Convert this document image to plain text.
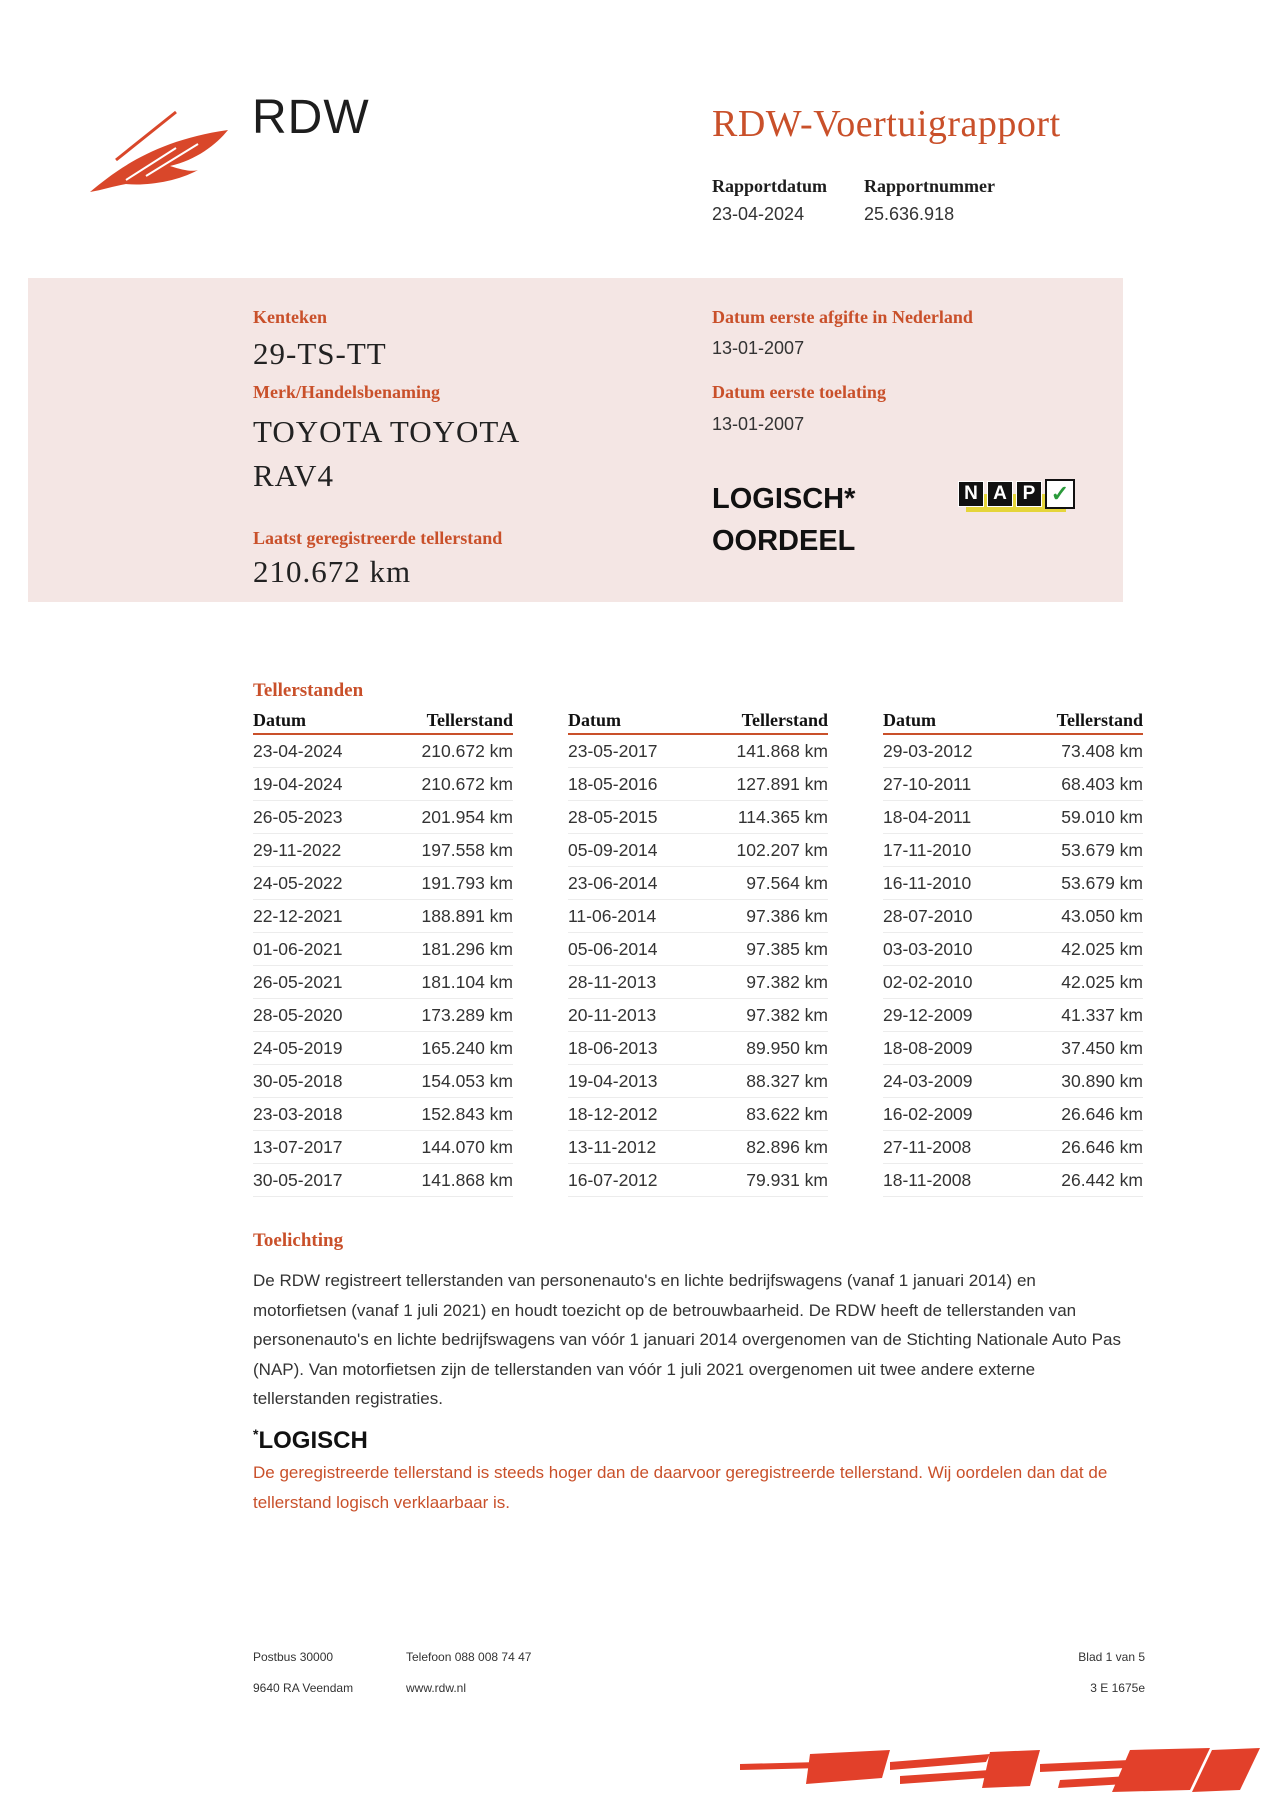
RDW	RDW-Voertuigrapport
Rapportdatum
23-04-2024
Rapportnummer
25.636.918
Kenteken
29-TS-TT
Merk/Handelsbenaming
TOYOTA TOYOTA
RAV4
Laatst geregistreerde tellerstand
210.672 km
Datum eerste afgifte in Nederland
13-01-2007
Datum eerste toelating
13-01-2007
LOGISCH*
OORDEEL
N A P ✓
Tellerstanden
Datum	Tellerstand
23-04-2024	210.672 km
19-04-2024	210.672 km
26-05-2023	201.954 km
29-11-2022	197.558 km
24-05-2022	191.793 km
22-12-2021	188.891 km
01-06-2021	181.296 km
26-05-2021	181.104 km
28-05-2020	173.289 km
24-05-2019	165.240 km
30-05-2018	154.053 km
23-03-2018	152.843 km
13-07-2017	144.070 km
30-05-2017	141.868 km
Datum	Tellerstand
23-05-2017	141.868 km
18-05-2016	127.891 km
28-05-2015	114.365 km
05-09-2014	102.207 km
23-06-2014	97.564 km
11-06-2014	97.386 km
05-06-2014	97.385 km
28-11-2013	97.382 km
20-11-2013	97.382 km
18-06-2013	89.950 km
19-04-2013	88.327 km
18-12-2012	83.622 km
13-11-2012	82.896 km
16-07-2012	79.931 km
Datum	Tellerstand
29-03-2012	73.408 km
27-10-2011	68.403 km
18-04-2011	59.010 km
17-11-2010	53.679 km
16-11-2010	53.679 km
28-07-2010	43.050 km
03-03-2010	42.025 km
02-02-2010	42.025 km
29-12-2009	41.337 km
18-08-2009	37.450 km
24-03-2009	30.890 km
16-02-2009	26.646 km
27-11-2008	26.646 km
18-11-2008	26.442 km
Toelichting
De RDW registreert tellerstanden van personenauto's en lichte bedrijfswagens (vanaf 1 januari 2014) en motorfietsen (vanaf 1 juli 2021) en houdt toezicht op de betrouwbaarheid. De RDW heeft de tellerstanden van personenauto's en lichte bedrijfswagens van vóór 1 januari 2014 overgenomen van de Stichting Nationale Auto Pas (NAP). Van motorfietsen zijn de tellerstanden van vóór 1 juli 2021 overgenomen uit twee andere externe tellerstanden registraties.
*LOGISCH
De geregistreerde tellerstand is steeds hoger dan de daarvoor geregistreerde tellerstand. Wij oordelen dan dat de tellerstand logisch verklaarbaar is.
Postbus 30000
9640 RA Veendam
Telefoon 088 008 74 47
www.rdw.nl
Blad 1 van 5
3 E 1675e
